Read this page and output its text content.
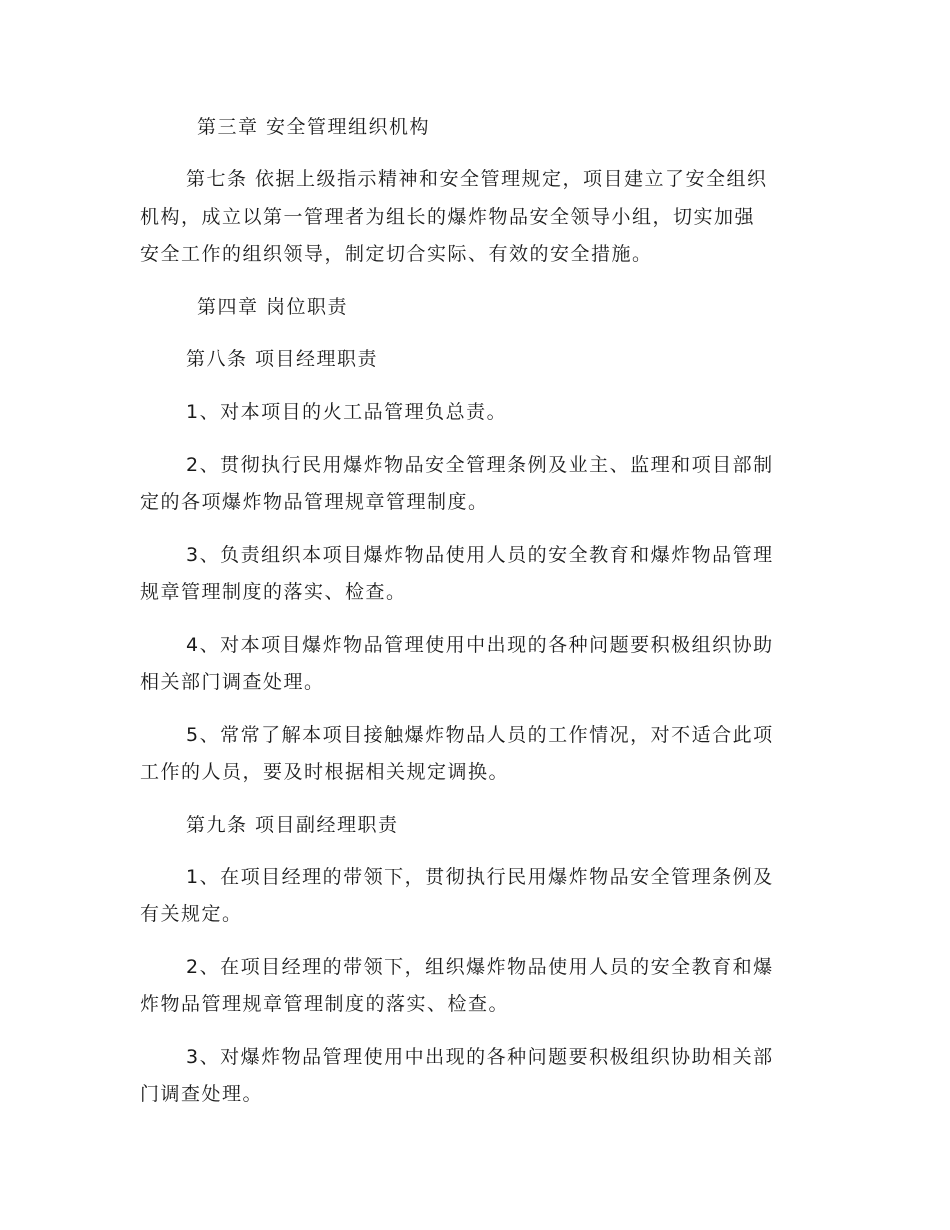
第三章 安全管理组织机构
第七条 依据上级指示精神和安全管理规定，项目建立了安全组织
机构，成立以第一管理者为组长的爆炸物品安全领导小组，切实加强
安全工作的组织领导，制定切合实际、有效的安全措施。
第四章 岗位职责
第八条 项目经理职责
1、对本项目的火工品管理负总责。
2、贯彻执行民用爆炸物品安全管理条例及业主、监理和项目部制
定的各项爆炸物品管理规章管理制度。
3、负责组织本项目爆炸物品使用人员的安全教育和爆炸物品管理
规章管理制度的落实、检查。
4、对本项目爆炸物品管理使用中出现的各种问题要积极组织协助
相关部门调查处理。
5、常常了解本项目接触爆炸物品人员的工作情况，对不适合此项
工作的人员，要及时根据相关规定调换。
第九条 项目副经理职责
1、在项目经理的带领下，贯彻执行民用爆炸物品安全管理条例及
有关规定。
2、在项目经理的带领下，组织爆炸物品使用人员的安全教育和爆
炸物品管理规章管理制度的落实、检查。
3、对爆炸物品管理使用中出现的各种问题要积极组织协助相关部
门调查处理。
